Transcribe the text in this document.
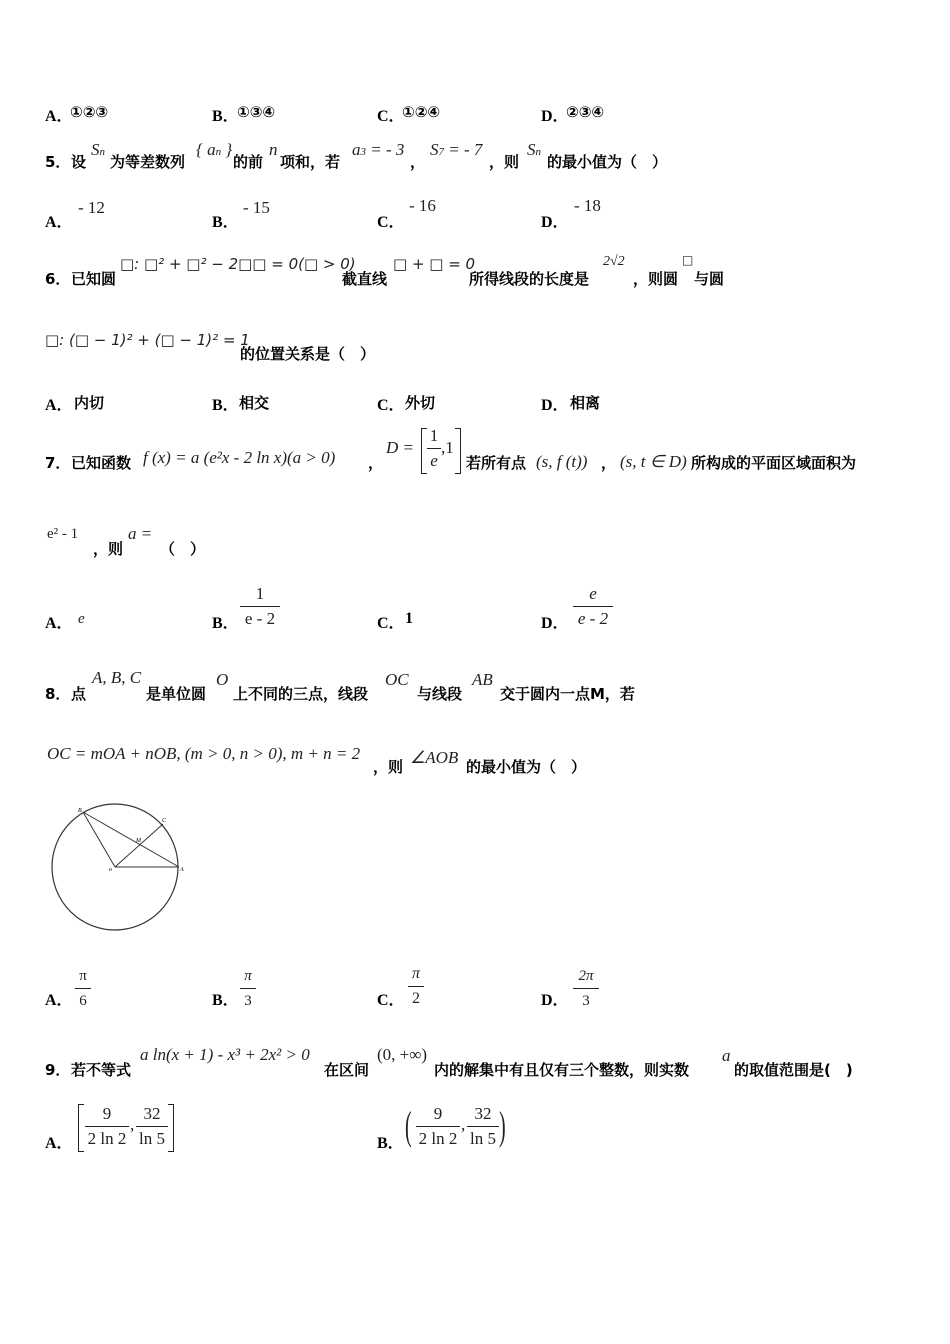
A．
①②③	B．
①③④	C．
①②④	D．
②③④
5． 设
Sn
为等差数列
{ an }
的前
n
项和，若
a3 = - 3
，
S7 = - 7
，则
Sn
的最小值为（　）
A．
- 12
B．
- 15
C．
- 16
D．
- 18
6． 已知圆
□: □² + □² − 2□□ = 0(□ > 0)
截直线
□ + □ = 0
所得线段的长度是
2√2
，则圆
□
与圆
□: (□ − 1)² + (□ − 1)² = 1
的位置关系是（　）
A． 内切	B． 相交	C． 外切	D． 相离
7． 已知函数 f (x) = a (e²x - 2 ln x)(a > 0) ，
D =
1
e
,1
若所有点 (s, f (t)) ， (s, t ∈ D) 所构成的平面区域面积为
e² - 1
，则
a =
（　）
A． e	B．
1
e - 2	C． 1	D．
e
e - 2
8． 点
A, B, C
是单位圆
O
上不同的三点，线段
OC
与线段
AB
交于圆内一点M，若
OC = mOA + nOB, (m > 0, n > 0), m + n = 2
，则 ∠AOB 的最小值为（　）
B
C
M
o	A
A．
π
6	B．
π
3	C．
π
2	D．
2π
3
9． 若不等式
a ln(x + 1) - x³ + 2x² > 0
在区间
(0, +∞)
内的解集中有且仅有三个整数，则实数
a
的取值范围是(　)
A．
9
2 ln 2
,
32
ln 5	B． (	9
2 ln 2
,
32
ln 5 )
